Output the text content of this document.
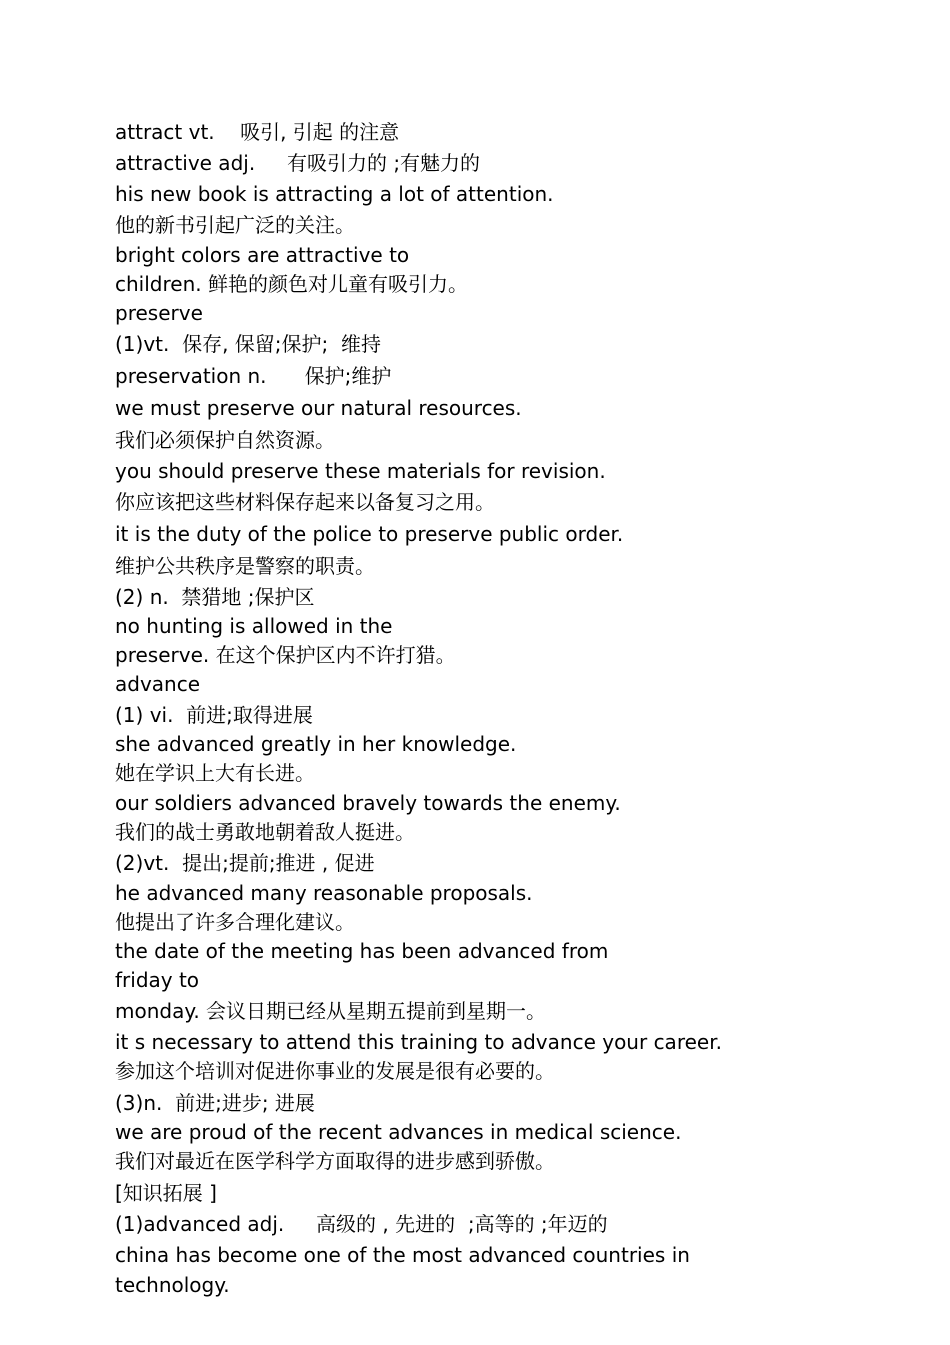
attract vt.    吸引, 引起 的注意
attractive adj.     有吸引力的 ;有魅力的
his new book is attracting a lot of attention.
他的新书引起广泛的关注。
bright colors are attractive to
children. 鲜艳的颜色对儿童有吸引力。
preserve
(1)vt.  保存, 保留;保护;  维持
preservation n.      保护;维护
we must preserve our natural resources.
我们必须保护自然资源。
you should preserve these materials for revision.
你应该把这些材料保存起来以备复习之用。
it is the duty of the police to preserve public order.
维护公共秩序是警察的职责。
(2) n.  禁猎地 ;保护区
no hunting is allowed in the
preserve. 在这个保护区内不许打猎。
advance
(1) vi.  前进;取得进展
she advanced greatly in her knowledge.
她在学识上大有长进。
our soldiers advanced bravely towards the enemy.
我们的战士勇敢地朝着敌人挺进。
(2)vt.  提出;提前;推进 , 促进
he advanced many reasonable proposals.
他提出了许多合理化建议。
the date of the meeting has been advanced from
friday to
monday. 会议日期已经从星期五提前到星期一。
it s necessary to attend this training to advance your career.
参加这个培训对促进你事业的发展是很有必要的。
(3)n.  前进;进步; 进展
we are proud of the recent advances in medical science.
我们对最近在医学科学方面取得的进步感到骄傲。
[知识拓展 ]
(1)advanced adj.     高级的 , 先进的  ;高等的 ;年迈的
china has become one of the most advanced countries in
technology.
